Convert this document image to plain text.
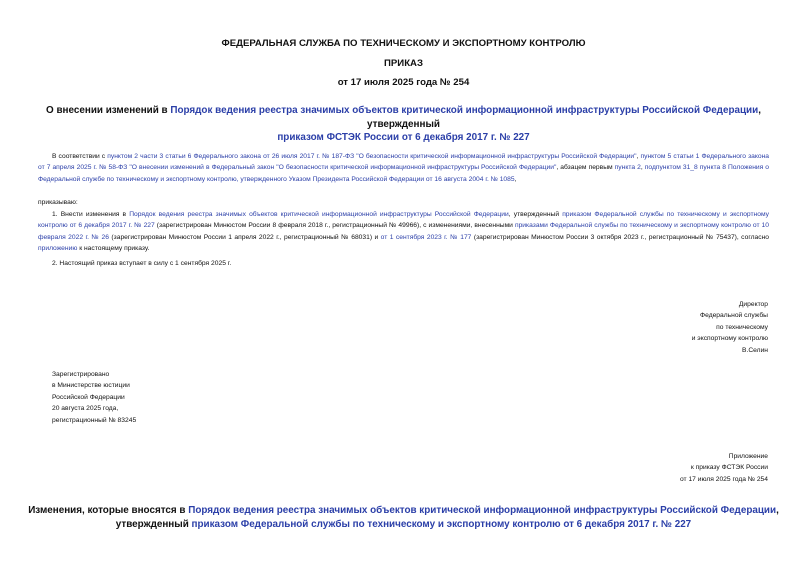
ФЕДЕРАЛЬНАЯ СЛУЖБА ПО ТЕХНИЧЕСКОМУ И ЭКСПОРТНОМУ КОНТРОЛЮ
ПРИКАЗ
от 17 июля 2025 года № 254
О внесении изменений в Порядок ведения реестра значимых объектов критической информационной инфраструктуры Российской Федерации, утвержденный
приказом ФСТЭК России от 6 декабря 2017 г. № 227
В соответствии с пунктом 2 части 3 статьи 6 Федерального закона от 26 июля 2017 г. № 187-ФЗ "О безопасности критической информационной инфраструктуры Российской Федерации", пунктом 5 статьи 1 Федерального закона от 7 апреля 2025 г. № 58-ФЗ "О внесении изменений в Федеральный закон "О безопасности критической информационной инфраструктуры Российской Федерации", абзацем первым пункта 2, подпунктом 31_8 пункта 8 Положения о Федеральной службе по техническому и экспортному контролю, утвержденного Указом Президента Российской Федерации от 16 августа 2004 г. № 1085,
приказываю:
1. Внести изменения в Порядок ведения реестра значимых объектов критической информационной инфраструктуры Российской Федерации, утвержденный приказом Федеральной службы по техническому и экспортному контролю от 6 декабря 2017 г. № 227 (зарегистрирован Минюстом России 8 февраля 2018 г., регистрационный № 49966), с изменениями, внесенными приказами Федеральной службы по техническому и экспортному контролю от 10 февраля 2022 г. № 26 (зарегистрирован Минюстом России 1 апреля 2022 г., регистрационный № 68031) и от 1 сентября 2023 г. № 177 (зарегистрирован Минюстом России 3 октября 2023 г., регистрационный № 75437), согласно приложению к настоящему приказу.
2. Настоящий приказ вступает в силу с 1 сентября 2025 г.
Директор
Федеральной службы
по техническому
и экспортному контролю
В.Селин
Зарегистрировано
в Министерстве юстиции
Российской Федерации
20 августа 2025 года,
регистрационный № 83245
Приложение
к приказу ФСТЭК России
от 17 июля 2025 года № 254
Изменения, которые вносятся в Порядок ведения реестра значимых объектов критической информационной инфраструктуры Российской Федерации,
утвержденный приказом Федеральной службы по техническому и экспортному контролю от 6 декабря 2017 г. № 227
